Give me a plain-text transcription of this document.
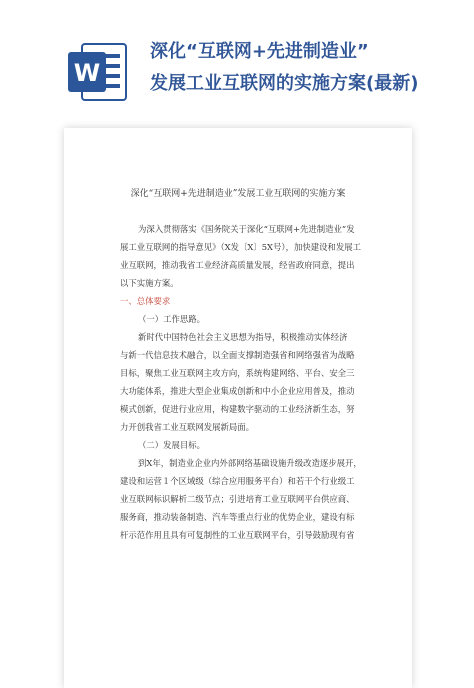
W
深化“互联网+先进制造业”
发展工业互联网的实施方案(最新)
深化“互联网+先进制造业”发展工业互联网的实施方案
为深入贯彻落实《国务院关于深化“互联网+先进制造业”发
展工业互联网的指导意见》（X发〔X〕5X号），加快建设和发展工
业互联网，推动我省工业经济高质量发展，经省政府同意，提出
以下实施方案。
一、总体要求
（一）工作思路。
新时代中国特色社会主义思想为指导，积极推动实体经济
与新一代信息技术融合，以全面支撑制造强省和网络强省为战略
目标，聚焦工业互联网主攻方向，系统构建网络、平台、安全三
大功能体系，推进大型企业集成创新和中小企业应用普及，推动
模式创新，促进行业应用，构建数字驱动的工业经济新生态，努
力开创我省工业互联网发展新局面。
（二）发展目标。
到X年，制造业企业内外部网络基础设施升级改造逐步展开，
建设和运营１个区域级（综合应用服务平台）和若干个行业级工
业互联网标识解析二级节点；引进培育工业互联网平台供应商、
服务商，推动装备制造、汽车等重点行业的优势企业，建设有标
杆示范作用且具有可复制性的工业互联网平台，引导鼓励现有省
